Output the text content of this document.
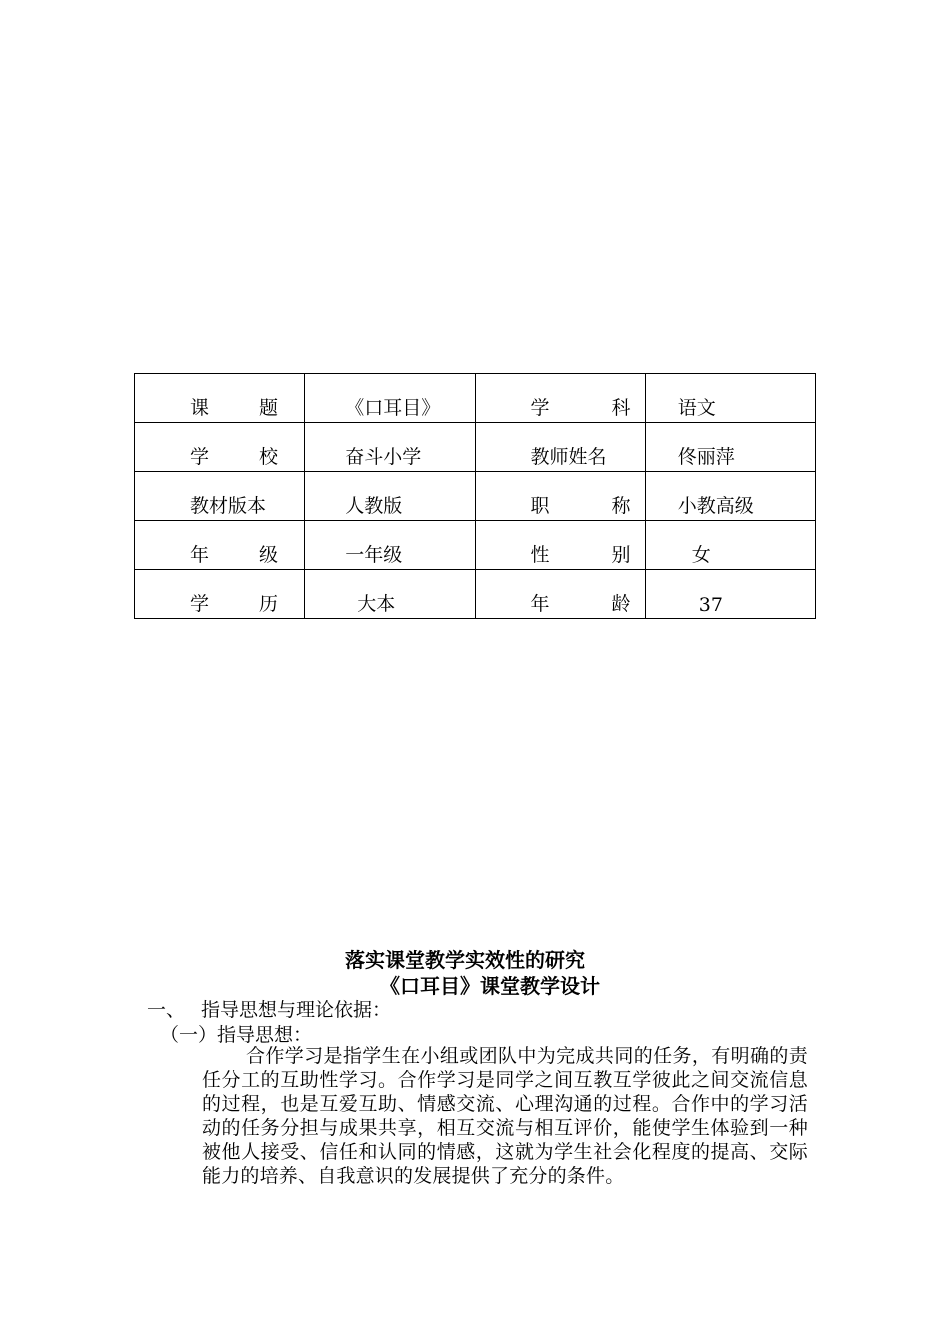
课 题	《口耳目》	学 科	语文

学 校	奋斗小学	教师姓名	佟丽萍

教材版本	人教版	职 称	小教高级

年 级	一年级	性 别	女

学 历	大本	年 龄	37
落实课堂教学实效性的研究
《口耳目》课堂教学设计
一、 指导思想与理论依据：
（一）指导思想：
合作学习是指学生在小组或团队中为完成共同的任务，有明确的责任分工的互助性学习。合作学习是同学之间互教互学彼此之间交流信息的过程，也是互爱互助、情感交流、心理沟通的过程。合作中的学习活动的任务分担与成果共享，相互交流与相互评价，能使学生体验到一种被他人接受、信任和认同的情感，这就为学生社会化程度的提高、交际能力的培养、自我意识的发展提供了充分的条件。
